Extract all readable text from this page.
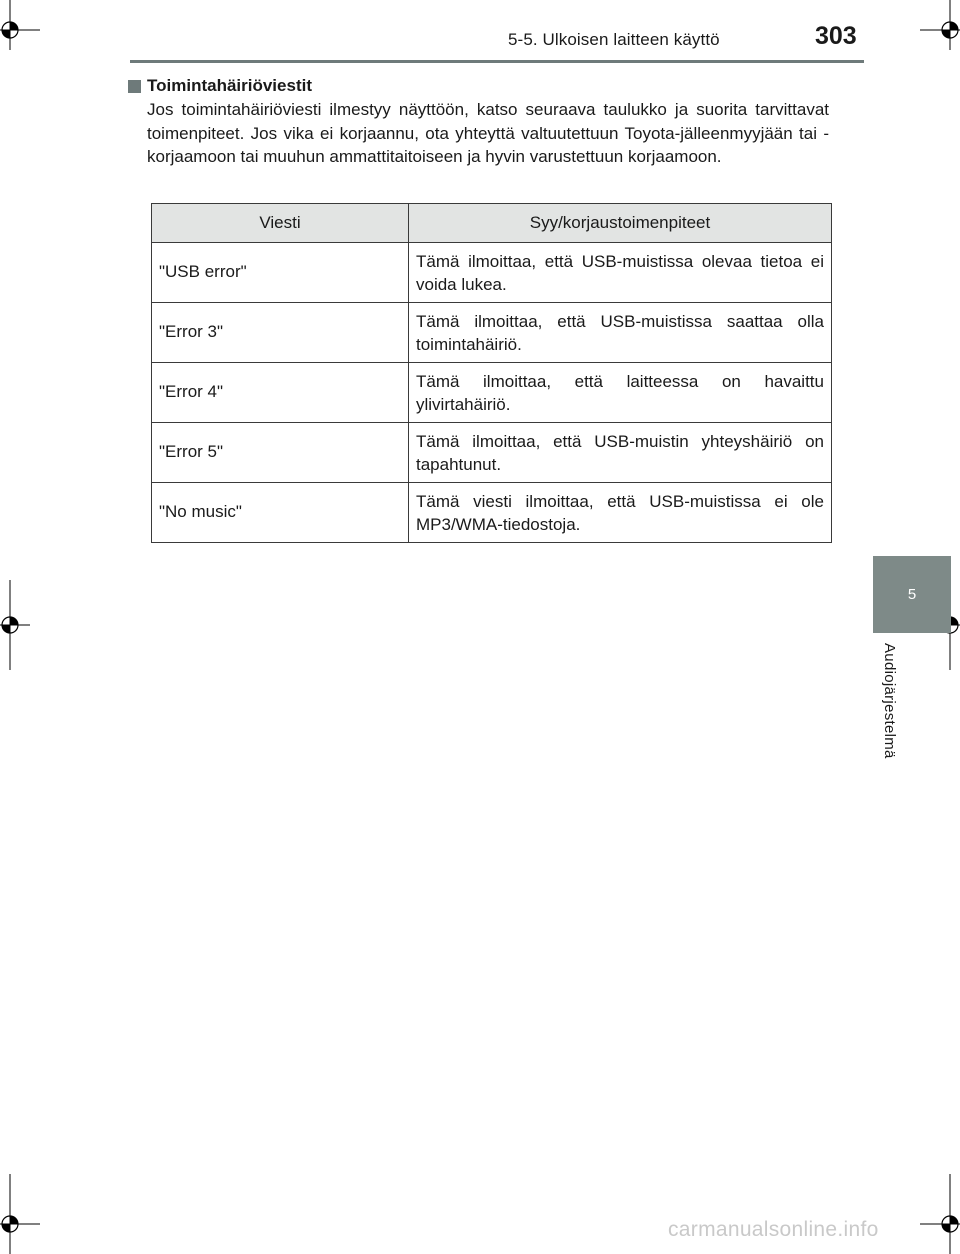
5-5. Ulkoisen laitteen käyttö	303
Toimintahäiriöviestit
Jos toimintahäiriöviesti ilmestyy näyttöön, katso seuraava taulukko ja suorita tarvittavat toimenpiteet. Jos vika ei korjaannu, ota yhteyttä valtuutettuun Toyota-jälleenmyyjään tai -korjaamoon tai muuhun ammattitaitoiseen ja hyvin varustettuun korjaamoon.
Viesti	Syy/korjaustoimenpiteet
"USB error"	Tämä ilmoittaa, että USB-muistissa olevaa tietoa ei voida lukea.
"Error 3"	Tämä ilmoittaa, että USB-muistissa saattaa olla toimintahäiriö.
"Error 4"	Tämä ilmoittaa, että laitteessa on havaittu ylivirtahäiriö.
"Error 5"	Tämä ilmoittaa, että USB-muistin yhteyshäiriö on tapahtunut.
"No music"	Tämä viesti ilmoittaa, että USB-muistissa ei ole MP3/WMA-tiedostoja.
5
Audiojärjestelmä
carmanualsonline.info
